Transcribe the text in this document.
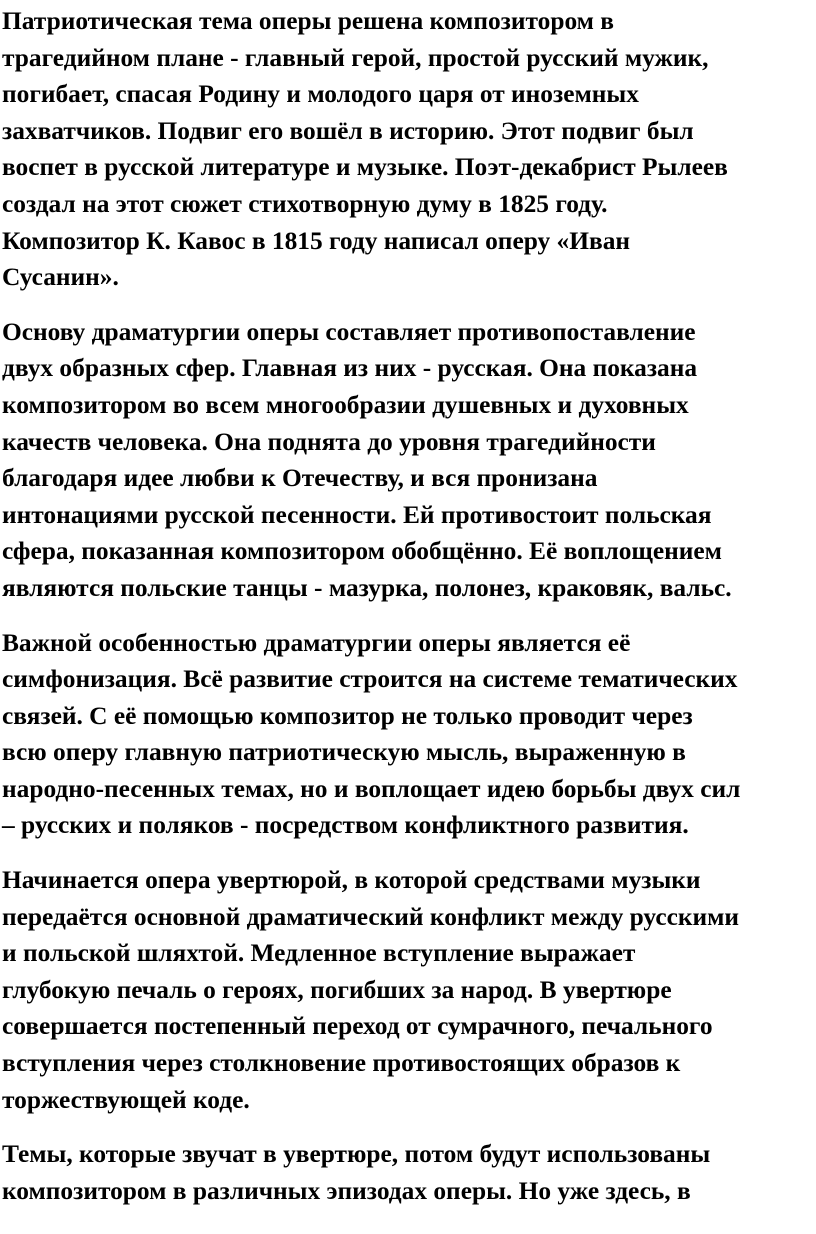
Патриотическая тема оперы решена композитором в
трагедийном плане - главный герой, простой русский мужик,
погибает, спасая Родину и молодого царя от иноземных
захватчиков. Подвиг его вошёл в историю. Этот подвиг был
воспет в русской литературе и музыке. Поэт-декабрист Рылеев
создал на этот сюжет стихотворную думу в 1825 году.
Композитор К. Кавос в 1815 году написал оперу «Иван
Сусанин».

Основу драматургии оперы составляет противопоставление
двух образных сфер. Главная из них - русская. Она показана
композитором во всем многообразии душевных и духовных
качеств человека. Она поднята до уровня трагедийности
благодаря идее любви к Отечеству, и вся пронизана
интонациями русской песенности. Ей противостоит польская
сфера, показанная композитором обобщённо. Её воплощением
являются польские танцы - мазурка, полонез, краковяк, вальс.

Важной особенностью драматургии оперы является её
симфонизация. Всё развитие строится на системе тематических
связей. С её помощью композитор не только проводит через
всю оперу главную патриотическую мысль, выраженную в
народно-песенных темах, но и воплощает идею борьбы двух сил
– русских и поляков - посредством конфликтного развития.

Начинается опера увертюрой, в которой средствами музыки
передаётся основной драматический конфликт между русскими
и польской шляхтой. Медленное вступление выражает
глубокую печаль о героях, погибших за народ. В увертюре
совершается постепенный переход от сумрачного, печального
вступления через столкновение противостоящих образов к
торжествующей коде.

Темы, которые звучат в увертюре, потом будут использованы
композитором в различных эпизодах оперы. Но уже здесь, в
